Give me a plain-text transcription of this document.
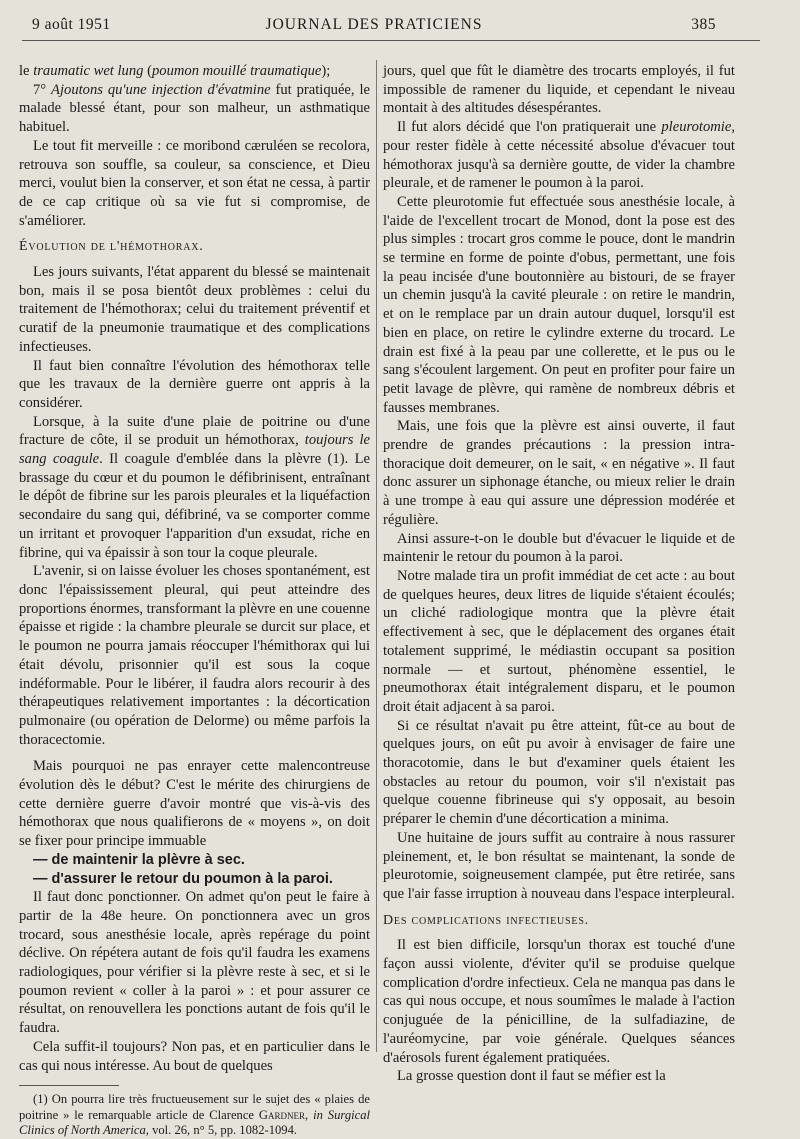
9 août 1951	JOURNAL DES PRATICIENS	385

le traumatic wet lung (poumon mouillé traumatique);

7° Ajoutons qu'une injection d'évatmine fut pratiquée, le malade blessé étant, pour son malheur, un asthmatique habituel.

Le tout fit merveille : ce moribond cæruléen se recolora, retrouva son souffle, sa couleur, sa conscience, et Dieu merci, voulut bien la conserver, et son état ne cessa, à partir de ce cap critique où sa vie fut si compromise, de s'améliorer.

Évolution de l'hémothorax.

Les jours suivants, l'état apparent du blessé se maintenait bon, mais il se posa bientôt deux problèmes : celui du traitement de l'hémothorax; celui du traitement préventif et curatif de la pneumonie traumatique et des complications infectieuses.

Il faut bien connaître l'évolution des hémothorax telle que les travaux de la dernière guerre ont appris à la considérer.

Lorsque, à la suite d'une plaie de poitrine ou d'une fracture de côte, il se produit un hémothorax, toujours le sang coagule. Il coagule d'emblée dans la plèvre (1). Le brassage du cœur et du poumon le défibrinisent, entraînant le dépôt de fibrine sur les parois pleurales et la liquéfaction secondaire du sang qui, défibriné, va se comporter comme un irritant et provoquer l'apparition d'un exsudat, riche en fibrine, qui va épaissir à son tour la coque pleurale.

L'avenir, si on laisse évoluer les choses spontanément, est donc l'épaississement pleural, qui peut atteindre des proportions énormes, transformant la plèvre en une couenne épaisse et rigide : la chambre pleurale se durcit sur place, et le poumon ne pourra jamais réoccuper l'hémithorax qui lui était dévolu, prisonnier qu'il est sous la coque indéformable. Pour le libérer, il faudra alors recourir à des thérapeutiques relativement importantes : la décortication pulmonaire (ou opération de Delorme) ou même parfois la thoracectomie.

Mais pourquoi ne pas enrayer cette malencontreuse évolution dès le début? C'est le mérite des chirurgiens de cette dernière guerre d'avoir montré que vis-à-vis des hémothorax que nous qualifierons de « moyens », on doit se fixer pour principe immuable

— de maintenir la plèvre à sec.
— d'assurer le retour du poumon à la paroi.

Il faut donc ponctionner. On admet qu'on peut le faire à partir de la 48e heure. On ponctionnera avec un gros trocard, sous anesthésie locale, après repérage du point déclive. On répétera autant de fois qu'il faudra les examens radiologiques, pour vérifier si la plèvre reste à sec, et si le poumon revient « coller à la paroi » : et pour assurer ce résultat, on renouvellera les ponctions autant de fois qu'il le faudra.

Cela suffit-il toujours? Non pas, et en particulier dans le cas qui nous intéresse. Au bout de quelques

(1) On pourra lire très fructueusement sur le sujet des « plaies de poitrine » le remarquable article de Clarence Gardner, in Surgical Clinics of North America, vol. 26, n° 5, pp. 1082-1094.

jours, quel que fût le diamètre des trocarts employés, il fut impossible de ramener du liquide, et cependant le niveau montait à des altitudes désespérantes.

Il fut alors décidé que l'on pratiquerait une pleurotomie, pour rester fidèle à cette nécessité absolue d'évacuer tout hémothorax jusqu'à sa dernière goutte, de vider la chambre pleurale, et de ramener le poumon à la paroi.

Cette pleurotomie fut effectuée sous anesthésie locale, à l'aide de l'excellent trocart de Monod, dont la pose est des plus simples : trocart gros comme le pouce, dont le mandrin se termine en forme de pointe d'obus, permettant, une fois la peau incisée d'une boutonnière au bistouri, de se frayer un chemin jusqu'à la cavité pleurale : on retire le mandrin, et on le remplace par un drain autour duquel, lorsqu'il est bien en place, on retire le cylindre externe du trocard. Le drain est fixé à la peau par une collerette, et le pus ou le sang s'écoulent largement. On peut en profiter pour faire un petit lavage de plèvre, qui ramène de nombreux débris et fausses membranes.

Mais, une fois que la plèvre est ainsi ouverte, il faut prendre de grandes précautions : la pression intra-thoracique doit demeurer, on le sait, « en négative ». Il faut donc assurer un siphonage étanche, ou mieux relier le drain à une trompe à eau qui assure une dépression modérée et régulière.

Ainsi assure-t-on le double but d'évacuer le liquide et de maintenir le retour du poumon à la paroi.

Notre malade tira un profit immédiat de cet acte : au bout de quelques heures, deux litres de liquide s'étaient écoulés; un cliché radiologique montra que la plèvre était effectivement à sec, que le déplacement des organes était totalement supprimé, le médiastin occupant sa position normale — et surtout, phénomène essentiel, le pneumothorax était intégralement disparu, et le poumon droit était adjacent à sa paroi.

Si ce résultat n'avait pu être atteint, fût-ce au bout de quelques jours, on eût pu avoir à envisager de faire une thoracotomie, dans le but d'examiner quels étaient les obstacles au retour du poumon, voir s'il n'existait pas quelque couenne fibrineuse qui s'y opposait, au besoin préparer le chemin d'une décortication a minima.

Une huitaine de jours suffit au contraire à nous rassurer pleinement, et, le bon résultat se maintenant, la sonde de pleurotomie, soigneusement clampée, put être retirée, sans que l'air fasse irruption à nouveau dans l'espace interpleural.

Des complications infectieuses.

Il est bien difficile, lorsqu'un thorax est touché d'une façon aussi violente, d'éviter qu'il se produise quelque complication d'ordre infectieux. Cela ne manqua pas dans le cas qui nous occupe, et nous soumîmes le malade à l'action conjuguée de la pénicilline, de la sulfadiazine, de l'auréomycine, par voie générale. Quelques séances d'aérosols furent également pratiquées.

La grosse question dont il faut se méfier est la
